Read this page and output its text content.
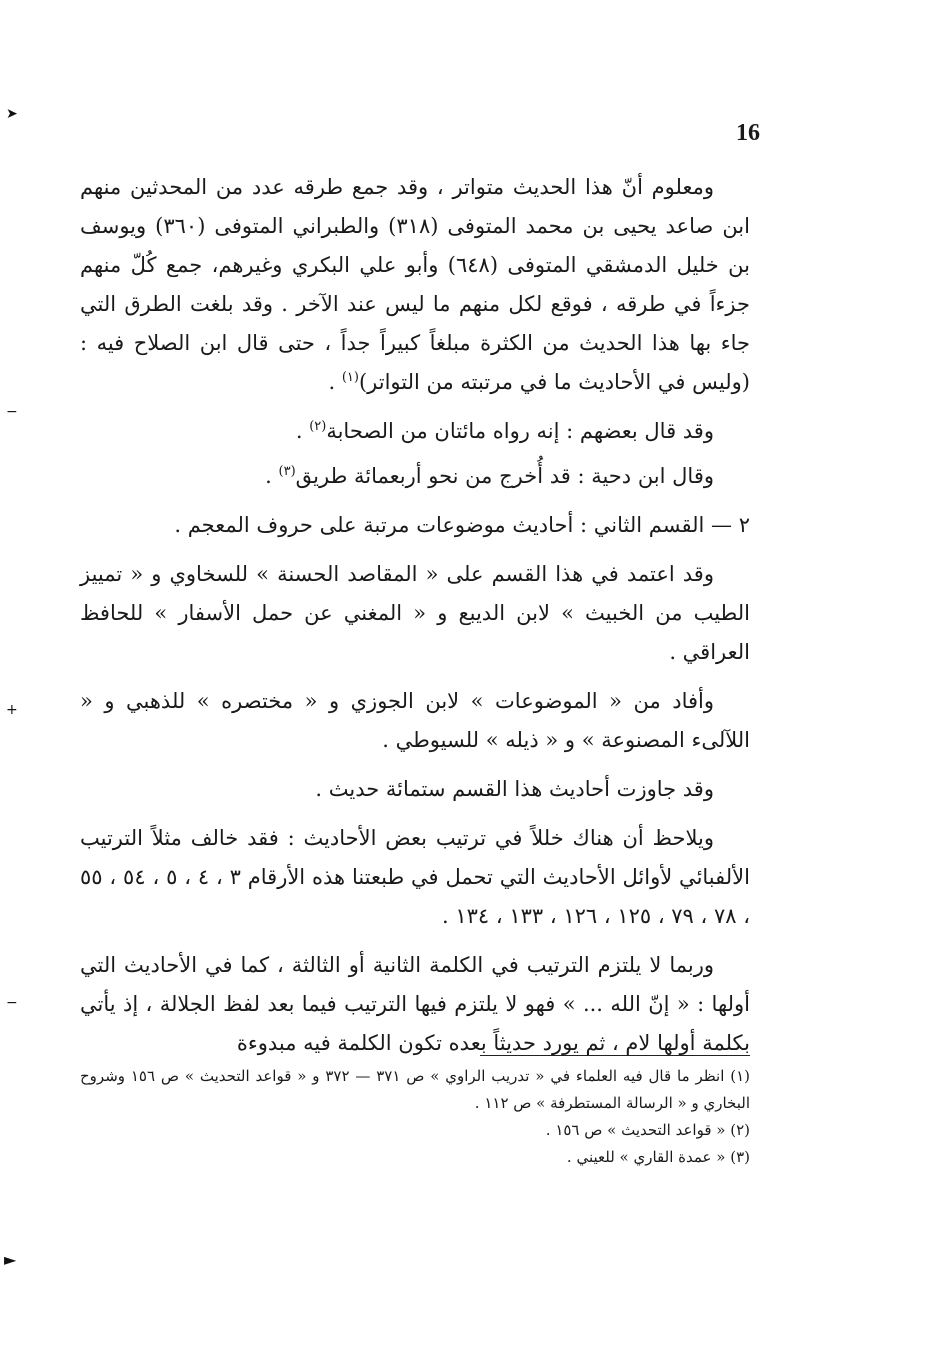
16
➤
−
+
−
►

ومعلوم أنّ هذا الحديث متواتر ، وقد جمع طرقه عدد من المحدثين منهم ابن صاعد يحيى بن محمد المتوفى (٣١٨) والطبراني المتوفى (٣٦٠) ويوسف بن خليل الدمشقي المتوفى (٦٤٨) وأبو علي البكري وغيرهم، جمع كُلّ منهم جزءاً في طرقه ، فوقع لكل منهم ما ليس عند الآخر . وقد بلغت الطرق التي جاء بها هذا الحديث من الكثرة مبلغاً كبيراً جداً ، حتى قال ابن الصلاح فيه : (وليس في الأحاديث ما في مرتبته من التواتر)$^{(١)}$ .

وقد قال بعضهم : إنه رواه مائتان من الصحابة$^{(٢)}$ .

وقال ابن دحية : قد أُخرج من نحو أربعمائة طريق$^{(٣)}$ .

٢ — القسم الثاني : أحاديث موضوعات مرتبة على حروف المعجم .

وقد اعتمد في هذا القسم على « المقاصد الحسنة » للسخاوي و « تمييز الطيب من الخبيث » لابن الديبع و « المغني عن حمل الأسفار » للحافظ العراقي .

وأفاد من « الموضوعات » لابن الجوزي و « مختصره » للذهبي و « اللآلىء المصنوعة » و « ذيله » للسيوطي .

وقد جاوزت أحاديث هذا القسم ستمائة حديث .

ويلاحظ أن هناك خللاً في ترتيب بعض الأحاديث : فقد خالف مثلاً الترتيب الألفبائي لأوائل الأحاديث التي تحمل في طبعتنا هذه الأرقام ٣ ، ٤ ، ٥ ، ٥٤ ، ٥٥ ، ٧٨ ، ٧٩ ، ١٢٥ ، ١٢٦ ، ١٣٣ ، ١٣٤ .

وربما لا يلتزم الترتيب في الكلمة الثانية أو الثالثة ، كما في الأحاديث التي أولها : « إنّ الله ... » فهو لا يلتزم فيها الترتيب فيما بعد لفظ الجلالة ، إذ يأتي بكلمة أولها لام ، ثم يورد حديثاً بعده تكون الكلمة فيه مبدوءة

(١) انظر ما قال فيه العلماء في « تدريب الراوي » ص ٣٧١ — ٣٧٢ و « قواعد التحديث » ص ١٥٦ وشروح البخاري و « الرسالة المستطرفة » ص ١١٢ .

(٢) « قواعد التحديث » ص ١٥٦ .

(٣) « عمدة القاري » للعيني .
